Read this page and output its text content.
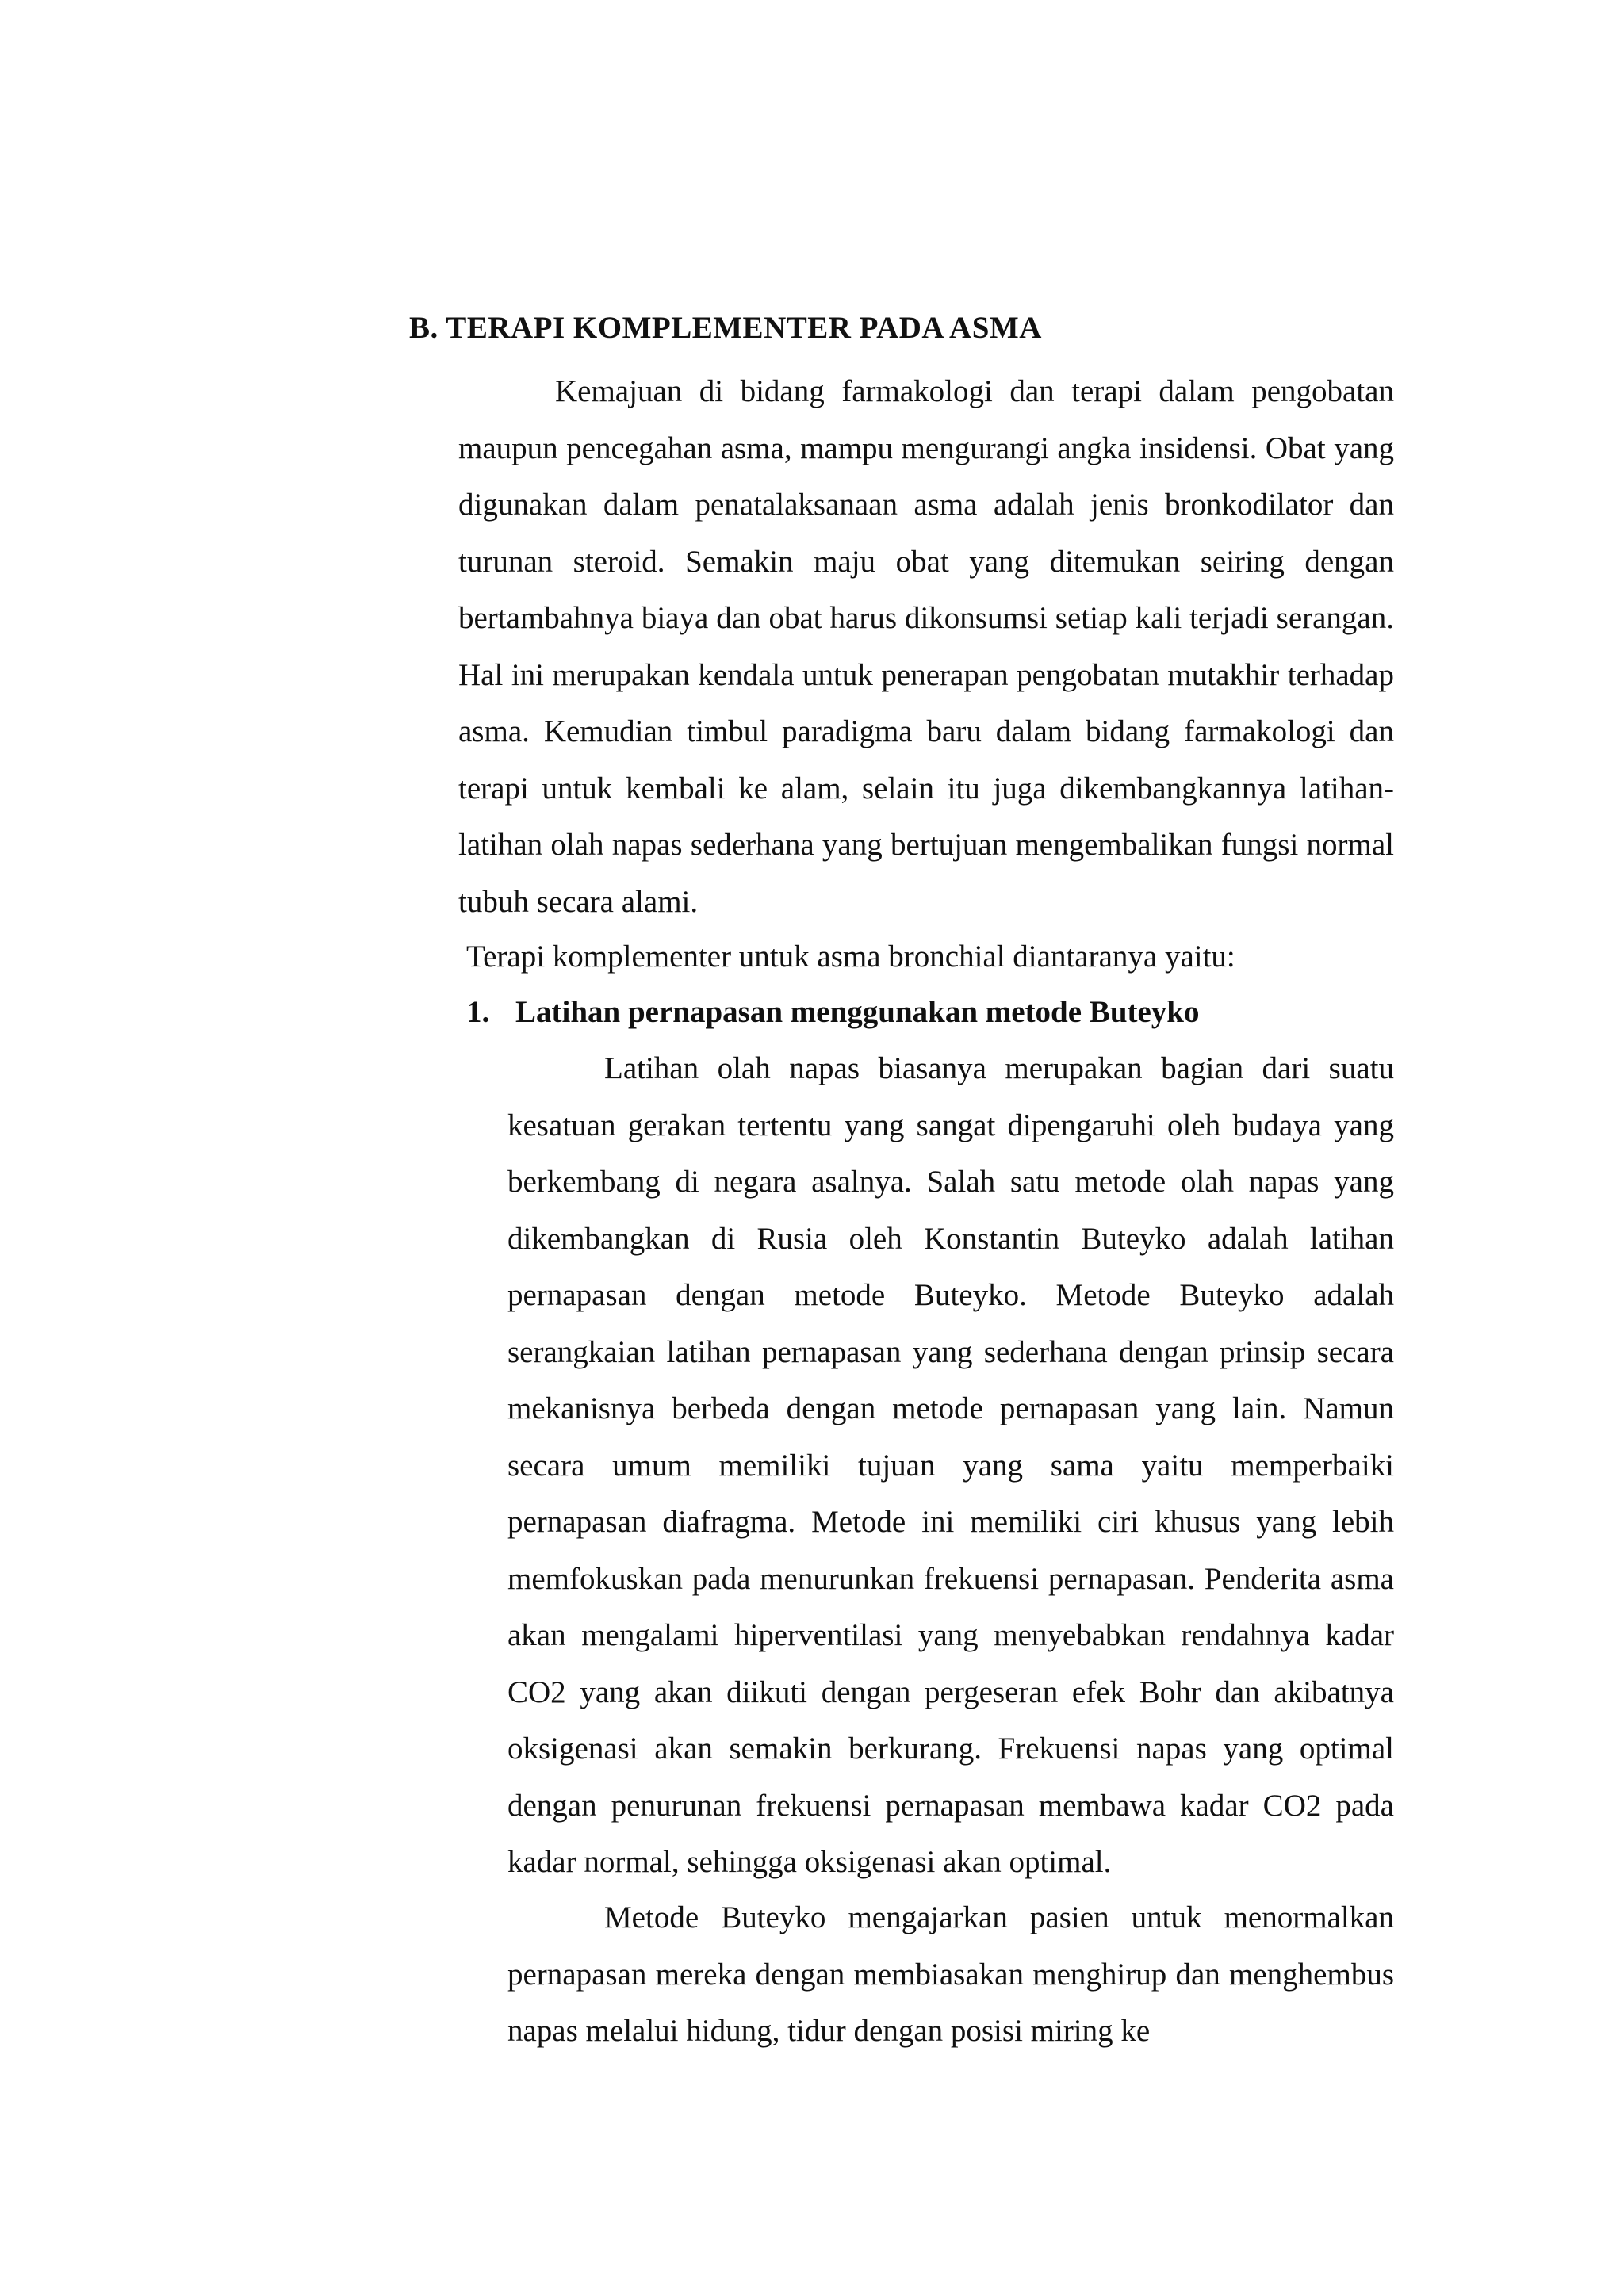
B. TERAPI KOMPLEMENTER PADA ASMA

Kemajuan di bidang farmakologi dan terapi dalam pengobatan maupun pencegahan asma, mampu mengurangi angka insidensi. Obat yang digunakan dalam penatalaksanaan asma adalah jenis bronkodilator dan turunan steroid. Semakin maju obat yang ditemukan seiring dengan bertambahnya biaya dan obat harus dikonsumsi setiap kali terjadi serangan. Hal ini merupakan kendala untuk penerapan pengobatan mutakhir terhadap asma. Kemudian timbul paradigma baru dalam bidang farmakologi dan terapi untuk kembali ke alam, selain itu juga dikembangkannya latihan-latihan olah napas sederhana yang bertujuan mengembalikan fungsi normal tubuh secara alami.

Terapi komplementer untuk asma bronchial diantaranya yaitu:

1. Latihan pernapasan menggunakan metode Buteyko

Latihan olah napas biasanya merupakan bagian dari suatu kesatuan gerakan tertentu yang sangat dipengaruhi oleh budaya yang berkembang di negara asalnya. Salah satu metode olah napas yang dikembangkan di Rusia oleh Konstantin Buteyko adalah latihan pernapasan dengan metode Buteyko. Metode Buteyko adalah serangkaian latihan pernapasan yang sederhana dengan prinsip secara mekanisnya berbeda dengan metode pernapasan yang lain. Namun secara umum memiliki tujuan yang sama yaitu memperbaiki pernapasan diafragma. Metode ini memiliki ciri khusus yang lebih memfokuskan pada menurunkan frekuensi pernapasan. Penderita asma akan mengalami hiperventilasi yang menyebabkan rendahnya kadar CO2 yang akan diikuti dengan pergeseran efek Bohr dan akibatnya oksigenasi akan semakin berkurang. Frekuensi napas yang optimal dengan penurunan frekuensi pernapasan membawa kadar CO2 pada kadar normal, sehingga oksigenasi akan optimal.

Metode Buteyko mengajarkan pasien untuk menormalkan pernapasan mereka dengan membiasakan menghirup dan menghembus napas melalui hidung, tidur dengan posisi miring ke
